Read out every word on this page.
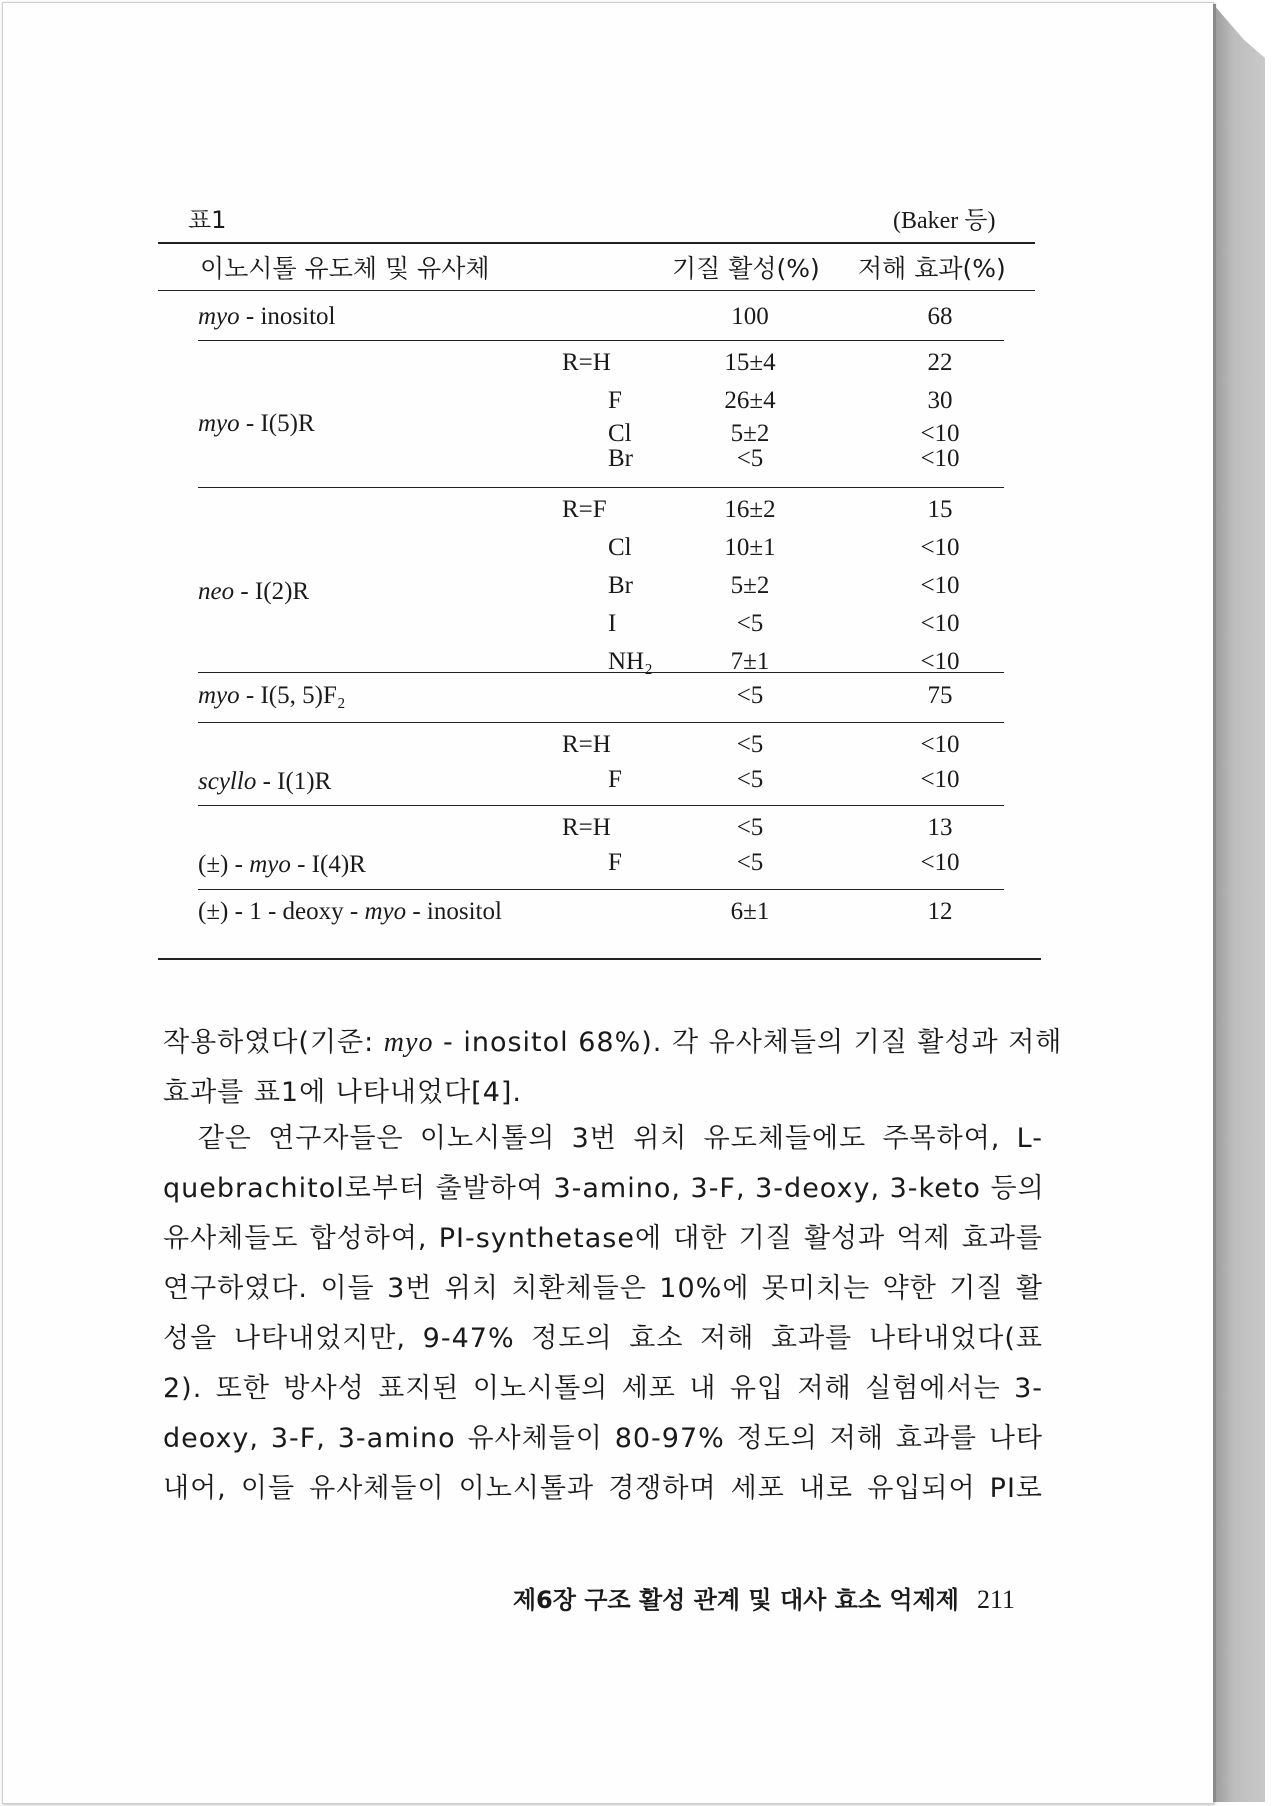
표1	(Baker 등)
이노시톨 유도체 및 유사체	기질 활성(%) 저해 효과(%)
myo - inositol	100	68
myo - I(5)R
R=H	15±4	22
F	26±4	30
Cl	5±2	<10
Br	<5	<10
neo - I(2)R
R=F	16±2	15
Cl	10±1	<10
Br	5±2	<10
I	<5	<10
NH₂	7±1	<10
myo - I(5, 5)F₂	<5	75
scyllo - I(1)R
R=H	<5	<10
F	<5	<10
(±) - myo - I(4)R
R=H	<5	13
F	<5	<10
(±) - 1 - deoxy - myo - inositol	6±1	12
작용하였다(기준: myo - inositol 68%). 각 유사체들의 기질 활성과 저해
효과를 표1에 나타내었다[4].
　같은 연구자들은 이노시톨의 3번 위치 유도체들에도 주목하여, L-
quebrachitol로부터 출발하여 3-amino, 3-F, 3-deoxy, 3-keto 등의
유사체들도 합성하여, PI-synthetase에 대한 기질 활성과 억제 효과를
연구하였다. 이들 3번 위치 치환체들은 10%에 못미치는 약한 기질 활
성을 나타내었지만, 9-47% 정도의 효소 저해 효과를 나타내었다(표
2). 또한 방사성 표지된 이노시톨의 세포 내 유입 저해 실험에서는 3-
deoxy, 3-F, 3-amino 유사체들이 80-97% 정도의 저해 효과를 나타
내어, 이들 유사체들이 이노시톨과 경쟁하며 세포 내로 유입되어 PI로
제6장 구조 활성 관계 및 대사 효소 억제제 211
